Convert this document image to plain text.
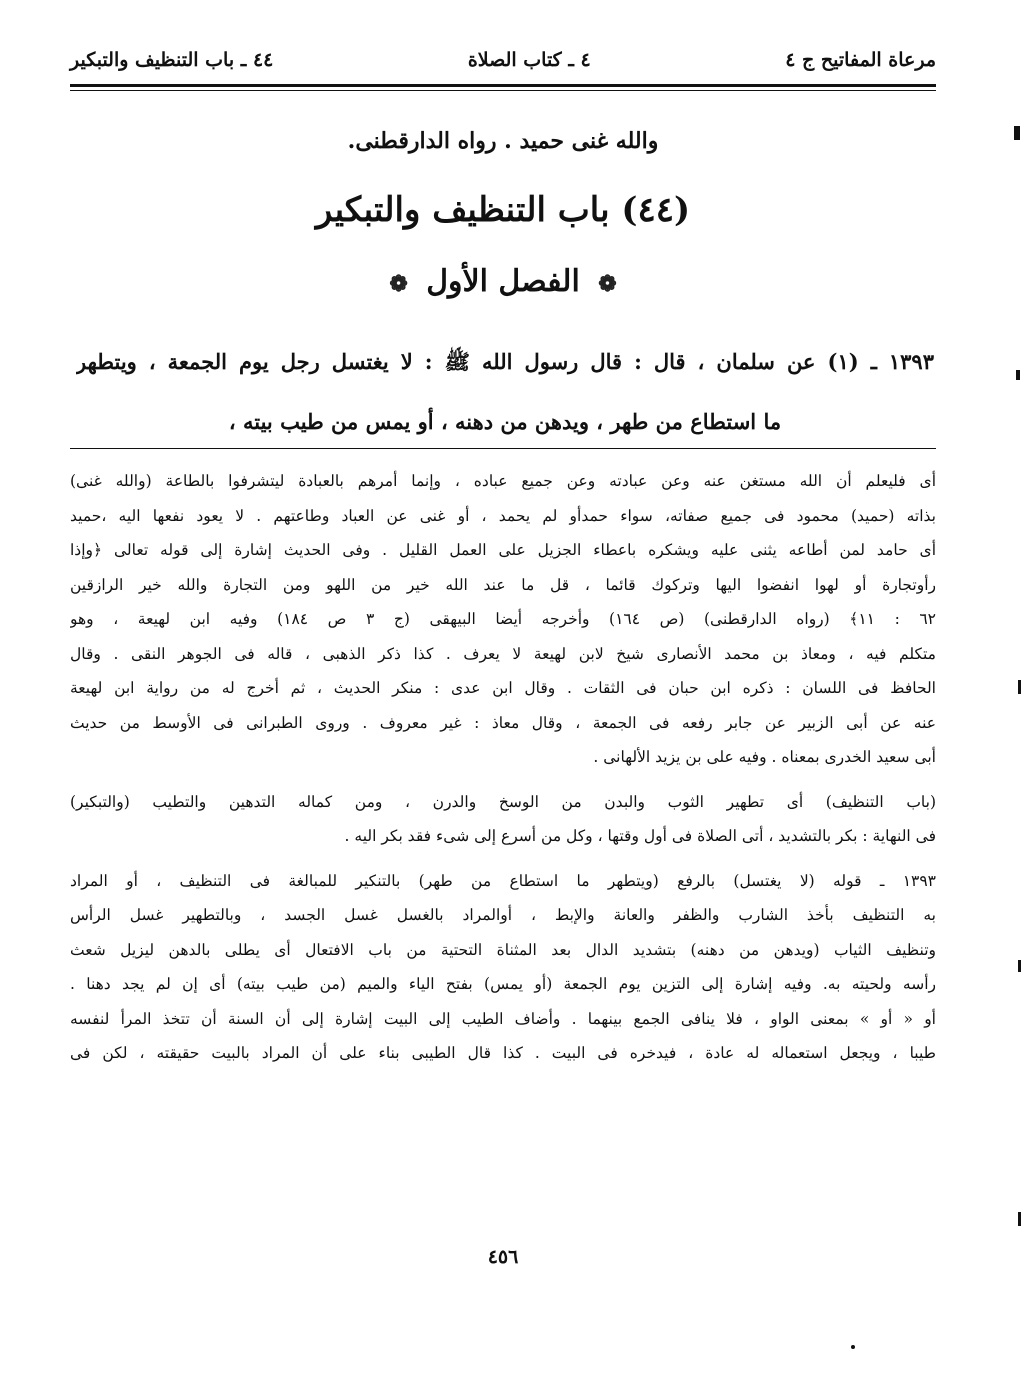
مرعاة المفاتيح ج ٤
٤ ـ كتاب الصلاة
٤٤ ـ باب التنظيف والتبكير
والله غنى حميد . رواه الدارقطنى.
(٤٤) باب التنظيف والتبكير
❁ الفصل الأول ❁
١٣٩٣ ـ (١) عن سلمان ، قال : قال رسول الله ﷺ : لا يغتسل رجل يوم الجمعة ، ويتطهر
ما استطاع من طهر ، ويدهن من دهنه ، أو يمس من طيب بيته ،
أى فليعلم أن الله مستغن عنه وعن عبادته وعن جميع عباده ، وإنما أمرهم بالعبادة ليتشرفوا بالطاعة (والله غنى)
بذاته (حميد) محمود فى جميع صفاته، سواء حمدأو لم يحمد ، أو غنى عن العباد وطاعتهم . لا يعود نفعها اليه ،حميد
أى حامد لمن أطاعه يثنى عليه ويشكره باعطاء الجزيل على العمل القليل . وفى الحديث إشارة إلى قوله تعالى ﴿وإذا
رأوتجارة أو لهوا انفضوا اليها وتركوك قائما ، قل ما عند الله خير من اللهو ومن التجارة والله خير الرازقين
٦٢ : ١١﴾ (رواه الدارقطنى) (ص ١٦٤) وأخرجه أيضا البيهقى (ج ٣ ص ١٨٤) وفيه ابن لهيعة ، وهو
متكلم فيه ، ومعاذ بن محمد الأنصارى شيخ لابن لهيعة لا يعرف . كذا ذكر الذهبى ، قاله فى الجوهر النقى . وقال
الحافظ فى اللسان : ذكره ابن حبان فى الثقات . وقال ابن عدى : منكر الحديث ، ثم أخرج له من رواية ابن لهيعة
عنه عن أبى الزبير عن جابر رفعه فى الجمعة ، وقال معاذ : غير معروف . وروى الطبرانى فى الأوسط من حديث
أبى سعيد الخدرى بمعناه . وفيه على بن يزيد الألهانى .
(باب التنظيف) أى تطهير الثوب والبدن من الوسخ والدرن ، ومن كماله التدهين والتطيب (والتبكير)
فى النهاية : بكر بالتشديد ، أتى الصلاة فى أول وقتها ، وكل من أسرع إلى شىء فقد بكر اليه .
١٣٩٣ ـ قوله (لا يغتسل) بالرفع (ويتطهر ما استطاع من طهر) بالتنكير للمبالغة فى التنظيف ، أو المراد
به التنظيف بأخذ الشارب والظفر والعانة والإبط ، أوالمراد بالغسل غسل الجسد ، وبالتطهير غسل الرأس
وتنظيف الثياب (ويدهن من دهنه) بتشديد الدال بعد المثناة التحتية من باب الافتعال أى يطلى بالدهن ليزيل شعث
رأسه ولحيته به. وفيه إشارة إلى التزين يوم الجمعة (أو يمس) بفتح الياء والميم (من طيب بيته) أى إن لم يجد دهنا .
أو « أو » بمعنى الواو ، فلا ينافى الجمع بينهما . وأضاف الطيب إلى البيت إشارة إلى أن السنة أن تتخذ المرأ لنفسه
طيبا ، ويجعل استعماله له عادة ، فيدخره فى البيت . كذا قال الطيبى بناء على أن المراد بالبيت حقيقته ، لكن فى
٤٥٦
